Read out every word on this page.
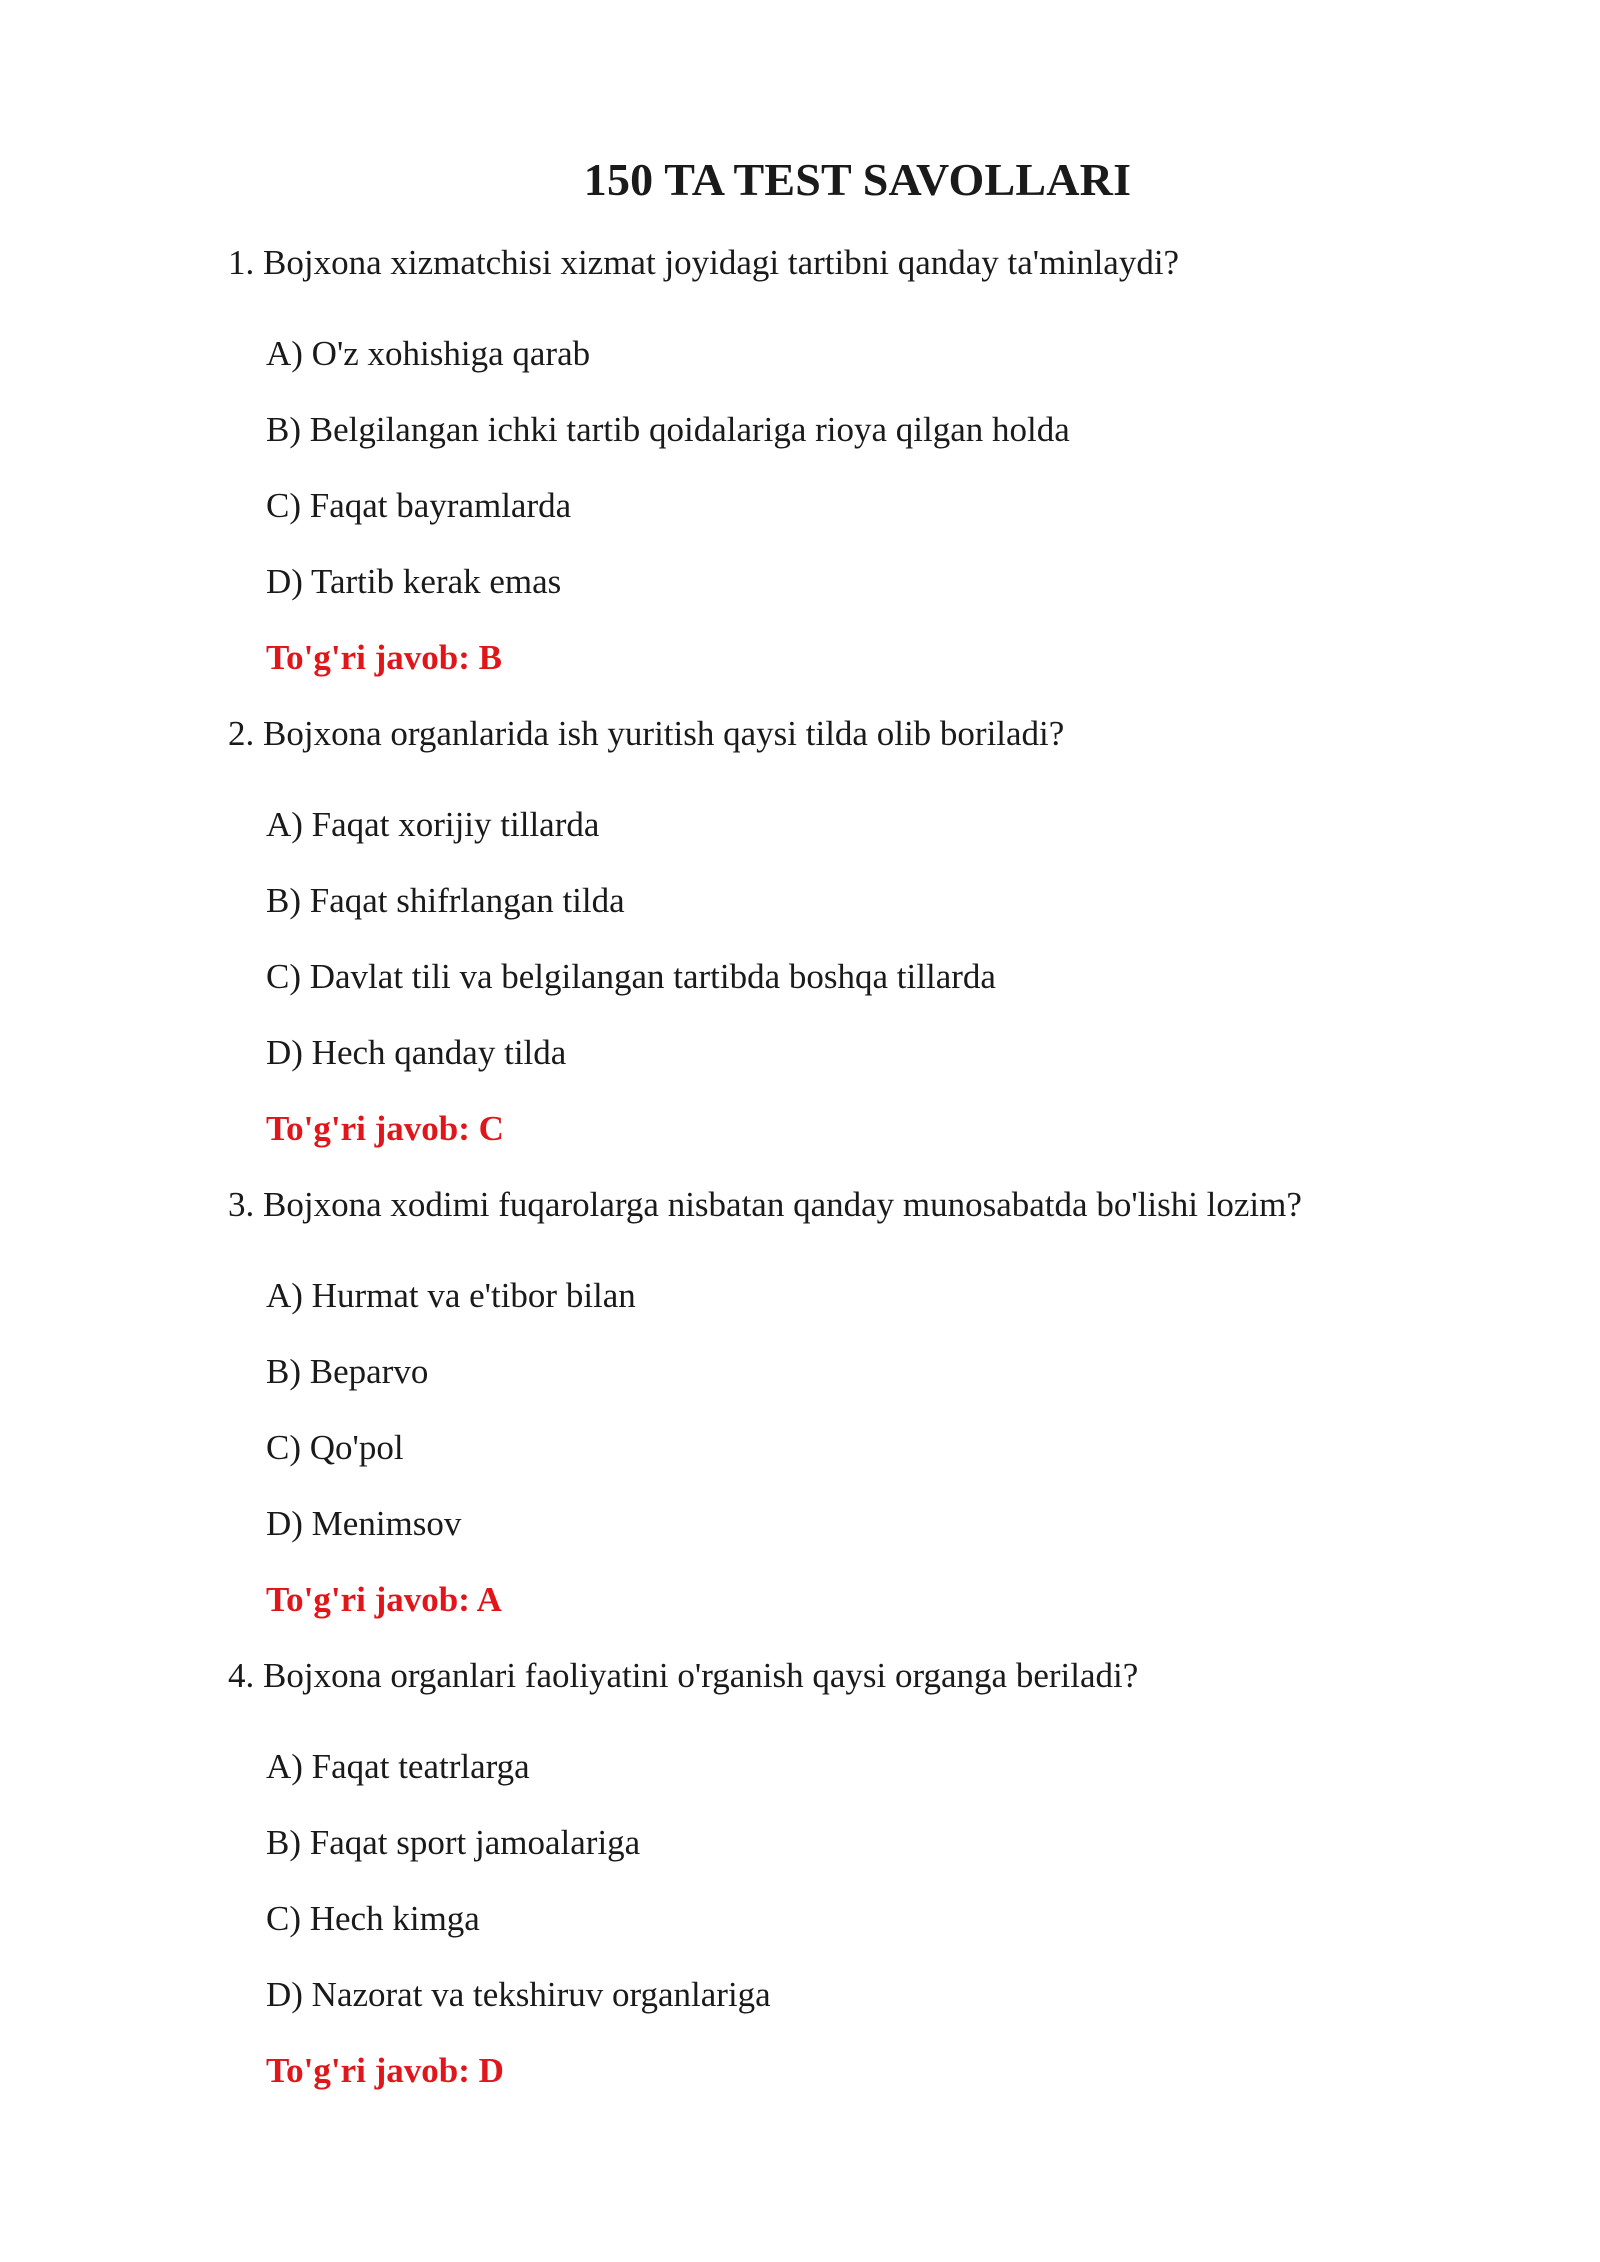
150 TA TEST SAVOLLARI

1. Bojxona xizmatchisi xizmat joyidagi tartibni qanday ta'minlaydi?

A) O'z xohishiga qarab

B) Belgilangan ichki tartib qoidalariga rioya qilgan holda

C) Faqat bayramlarda

D) Tartib kerak emas

To'g'ri javob: B

2. Bojxona organlarida ish yuritish qaysi tilda olib boriladi?

A) Faqat xorijiy tillarda

B) Faqat shifrlangan tilda

C) Davlat tili va belgilangan tartibda boshqa tillarda

D) Hech qanday tilda

To'g'ri javob: C

3. Bojxona xodimi fuqarolarga nisbatan qanday munosabatda bo'lishi lozim?

A) Hurmat va e'tibor bilan

B) Beparvo

C) Qo'pol

D) Menimsov

To'g'ri javob: A

4. Bojxona organlari faoliyatini o'rganish qaysi organga beriladi?

A) Faqat teatrlarga

B) Faqat sport jamoalariga

C) Hech kimga

D) Nazorat va tekshiruv organlariga

To'g'ri javob: D
